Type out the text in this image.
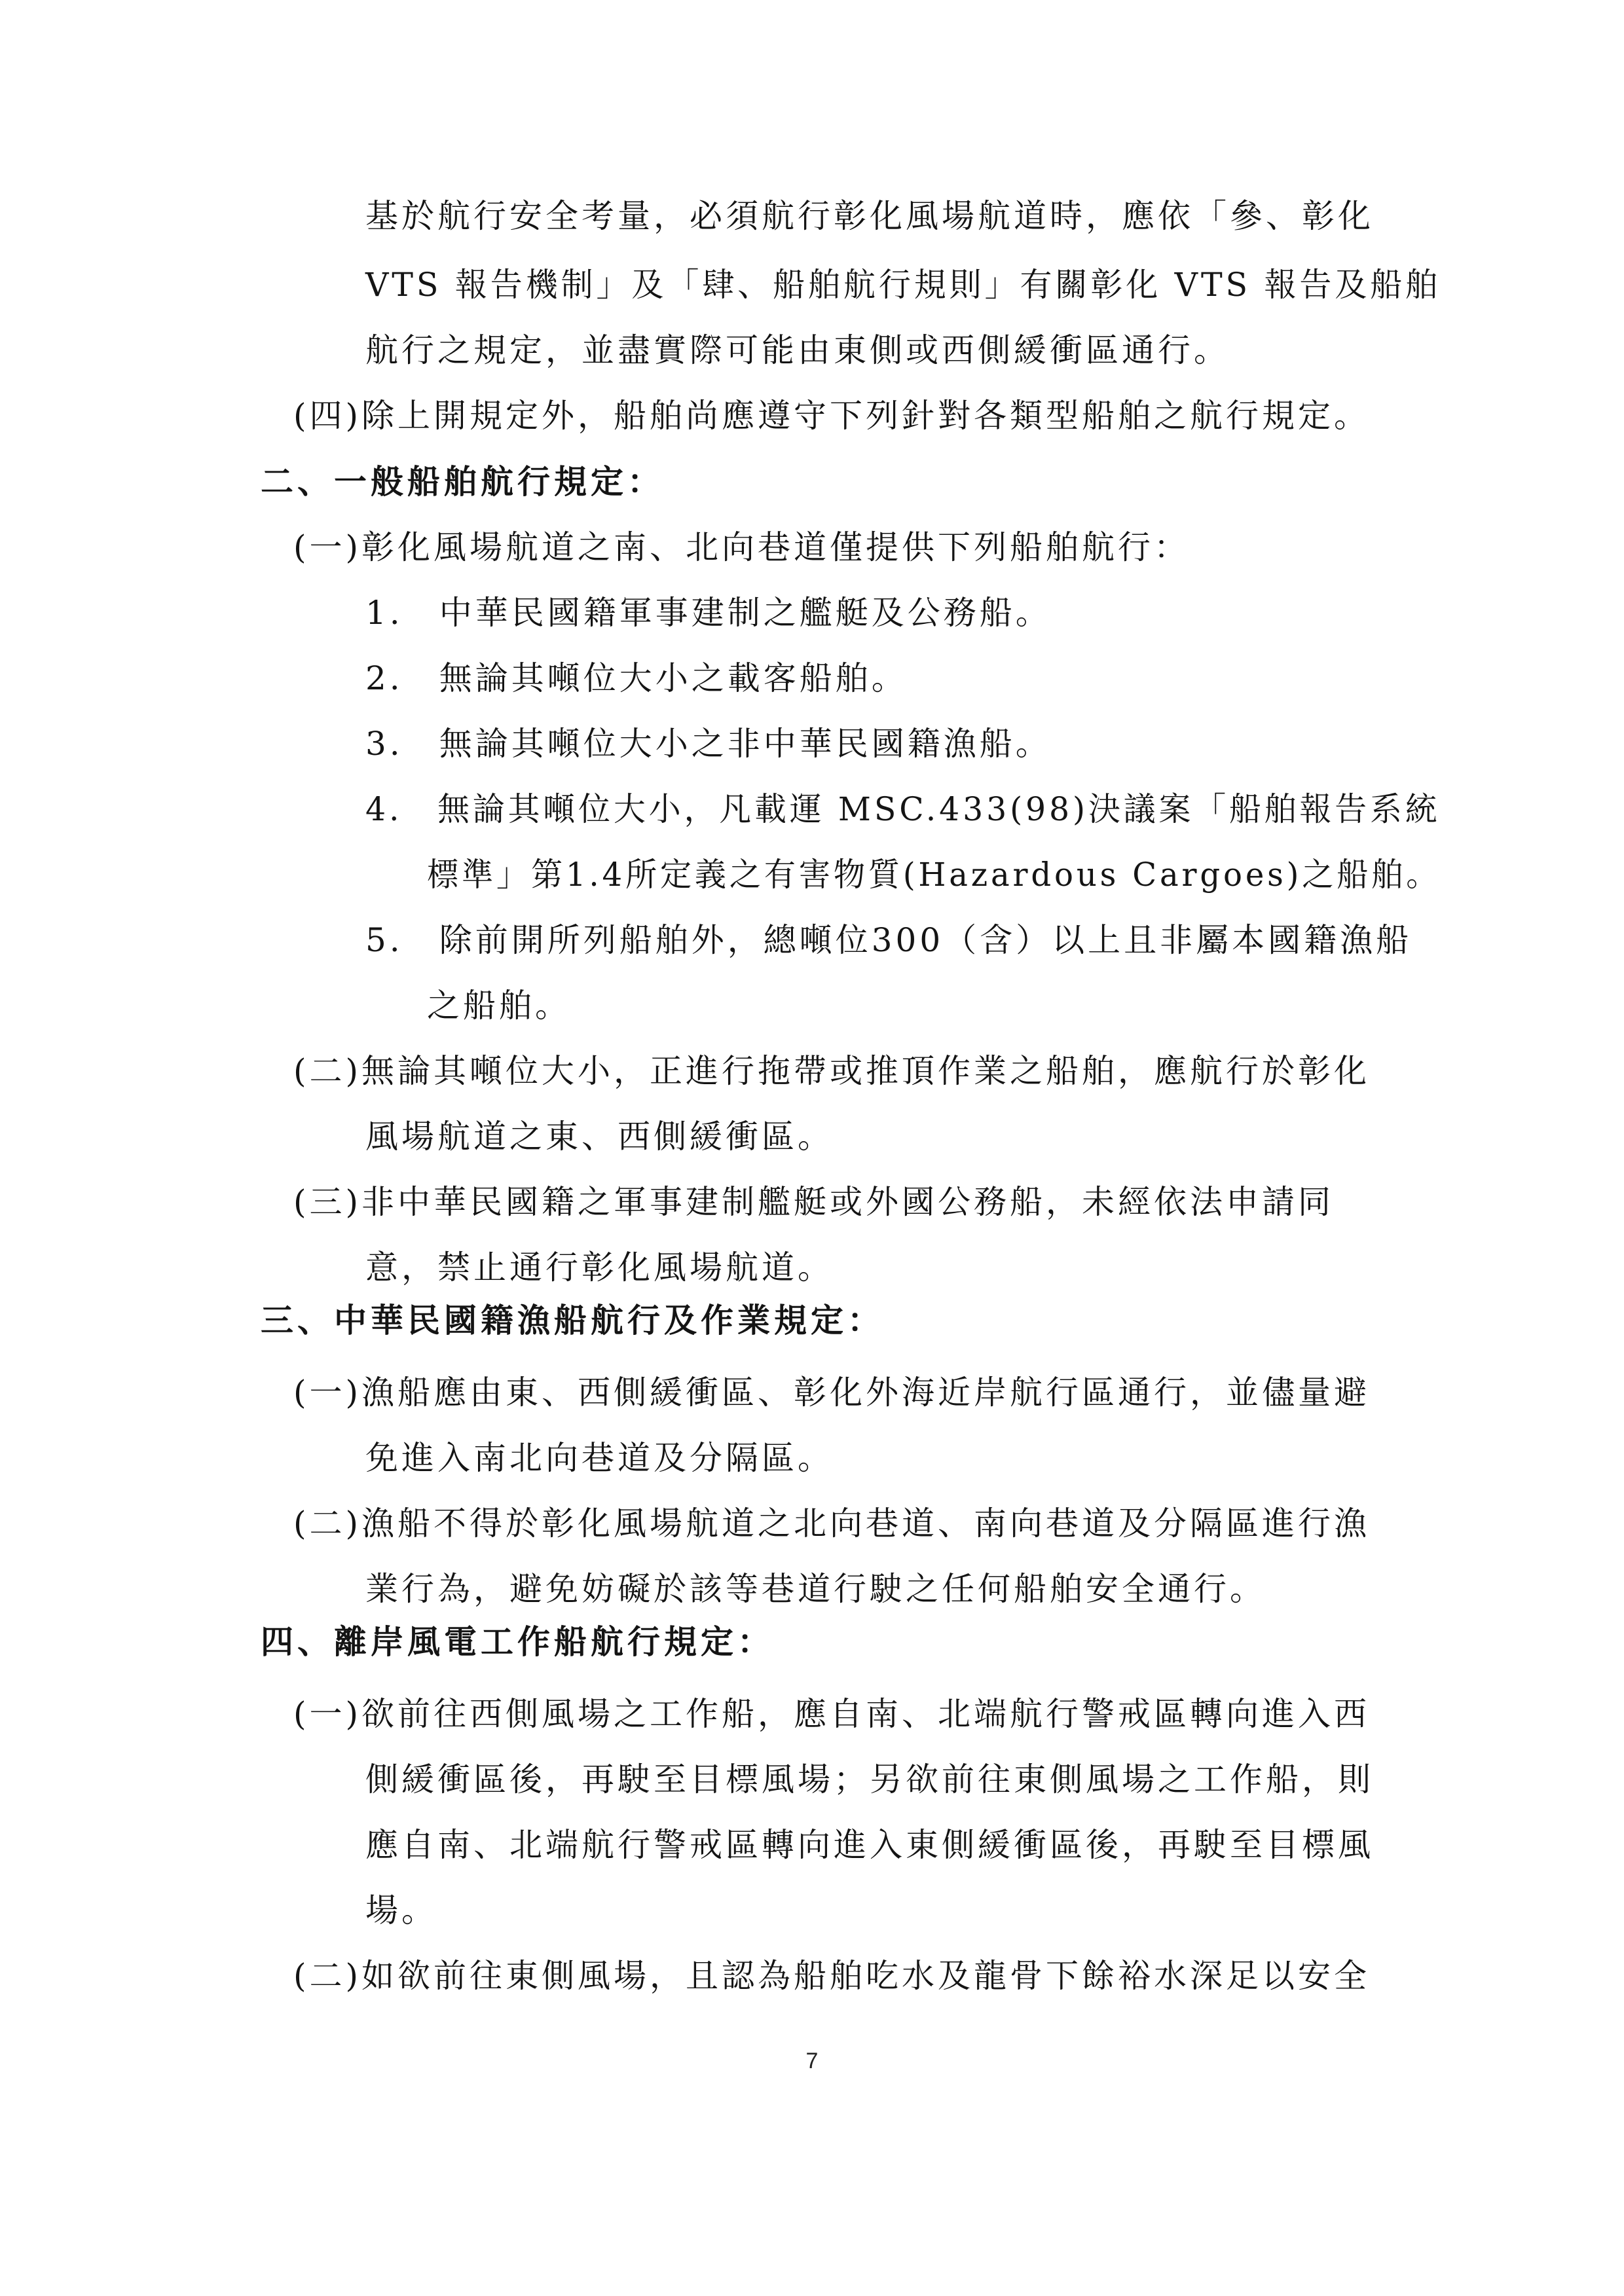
基於航行安全考量，必須航行彰化風場航道時，應依「參、彰化
VTS 報告機制」及「肆、船舶航行規則」有關彰化 VTS 報告及船舶
航行之規定，並盡實際可能由東側或西側緩衝區通行。
(四)除上開規定外，船舶尚應遵守下列針對各類型船舶之航行規定。
二、一般船舶航行規定：
(一)彰化風場航道之南、北向巷道僅提供下列船舶航行：
1.　中華民國籍軍事建制之艦艇及公務船。
2.　無論其噸位大小之載客船舶。
3.　無論其噸位大小之非中華民國籍漁船。
4.　無論其噸位大小，凡載運 MSC.433(98)決議案「船舶報告系統
標準」第1.4所定義之有害物質(Hazardous Cargoes)之船舶。
5.　除前開所列船舶外，總噸位300（含）以上且非屬本國籍漁船
之船舶。
(二)無論其噸位大小，正進行拖帶或推頂作業之船舶，應航行於彰化
風場航道之東、西側緩衝區。
(三)非中華民國籍之軍事建制艦艇或外國公務船，未經依法申請同
意，禁止通行彰化風場航道。
三、中華民國籍漁船航行及作業規定：
(一)漁船應由東、西側緩衝區、彰化外海近岸航行區通行，並儘量避
免進入南北向巷道及分隔區。
(二)漁船不得於彰化風場航道之北向巷道、南向巷道及分隔區進行漁
業行為，避免妨礙於該等巷道行駛之任何船舶安全通行。
四、離岸風電工作船航行規定：
(一)欲前往西側風場之工作船，應自南、北端航行警戒區轉向進入西
側緩衝區後，再駛至目標風場；另欲前往東側風場之工作船，則
應自南、北端航行警戒區轉向進入東側緩衝區後，再駛至目標風
場。
(二)如欲前往東側風場，且認為船舶吃水及龍骨下餘裕水深足以安全
7
